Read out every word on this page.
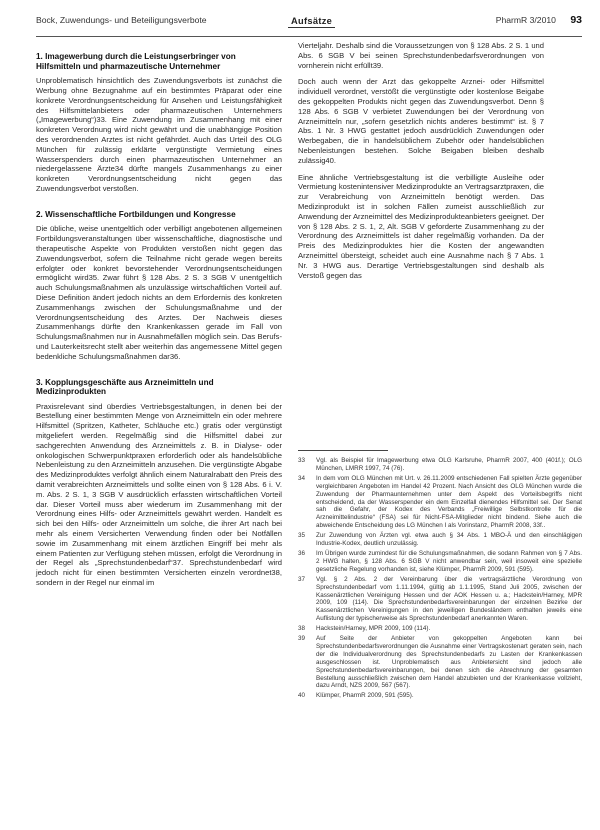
Bock, Zuwendungs- und Beteiligungsverbote	Aufsätze	PharmR 3/2010 93
1. Imagewerbung durch die Leistungserbringer von Hilfsmitteln und pharmazeutische Unternehmer

Unproblematisch hinsichtlich des Zuwendungsverbots ist zunächst die Werbung ohne Bezugnahme auf ein bestimmtes Präparat oder eine konkrete Verordnungsentscheidung für Ansehen und Leistungsfähigkeit des Hilfsmittelanbieters oder pharmazeutischen Unternehmers („Imagewerbung“)33. Eine Zuwendung im Zusammenhang mit einer konkreten Verordnung wird nicht gewährt und die unabhängige Position des verordnenden Arztes ist nicht gefährdet. Auch das Urteil des OLG München für zulässig erklärte vergünstigte Vermietung eines Wasserspenders durch einen pharmazeutischen Unternehmer an niedergelassene Ärzte34 dürfte mangels Zusammenhangs zu einer konkreten Verordnungsentscheidung nicht gegen das Zuwendungsverbot verstoßen.

2. Wissenschaftliche Fortbildungen und Kongresse

Die übliche, weise unentgeltlich oder verbilligt angebotenen allgemeinen Fortbildungsveranstaltungen über wissenschaftliche, diagnostische und therapeutische Aspekte von Produkten verstoßen nicht gegen das Zuwendungsverbot, sofern die Teilnahme nicht gerade wegen bereits erfolgter oder konkret bevorstehender Verordnungsentscheidungen ermöglicht wird35. Zwar führt § 128 Abs. 2 S. 3 SGB V unentgeltlich auch Schulungsmaßnahmen als unzulässige wirtschaftlichen Vorteil auf. Diese Definition ändert jedoch nichts an dem Erfordernis des konkreten Zusammenhangs zwischen der Schulungsmaßnahme und der Verordnungsentscheidung des Arztes. Der Nachweis dieses Zusammenhangs dürfte den Krankenkassen gerade im Fall von Schulungsmaßnahmen nur in Ausnahmefällen möglich sein. Das Berufs- und Lauterkeitsrecht stellt aber weiterhin das angemessene Mittel gegen bedenkliche Schulungsmaßnahmen dar36.

3. Kopplungsgeschäfte aus Arzneimitteln und Medizinprodukten

Praxisrelevant sind überdies Vertriebsgestaltungen, in denen bei der Bestellung einer bestimmten Menge von Arzneimitteln ein oder mehrere Hilfsmittel (Spritzen, Katheter, Schläuche etc.) gratis oder vergünstigt mitgeliefert werden. Regelmäßig sind die Hilfsmittel dabei zur sachgerechten Anwendung des Arzneimittels z. B. in Dialyse- oder onkologischen Schwerpunktpraxen erforderlich oder als handelsübliche Nebenleistung zu den Arzneimitteln anzusehen. Die vergünstigte Abgabe des Medizinproduktes verfolgt ähnlich einem Naturalrabatt den Preis des damit verabreichten Arzneimittels und sollte einen von § 128 Abs. 6 i. V. m. Abs. 2 S. 1, 3 SGB V ausdrücklich erfassten wirtschaftlichen Vorteil dar. Dieser Vorteil muss aber wiederum im Zusammenhang mit der Verordnung eines Hilfs- oder Arzneimittels gewährt werden. Handelt es sich bei den Hilfs- oder Arzneimitteln um solche, die ihrer Art nach bei mehr als einem Versicherten Verwendung finden oder bei Notfällen sowie im Zusammenhang mit einem ärztlichen Eingriff bei mehr als einem Patienten zur Verfügung stehen müssen, erfolgt die Verordnung in der Regel als „Sprechstundenbedarf“37. Sprechstundenbedarf wird jedoch nicht für einen bestimmten Versicherten einzeln verordnet38, sondern in der Regel nur einmal im

Vierteljahr. Deshalb sind die Voraussetzungen von § 128 Abs. 2 S. 1 und Abs. 6 SGB V bei seinen Sprechstundenbedarfsverordnungen von vornherein nicht erfüllt39.

Doch auch wenn der Arzt das gekoppelte Arznei- oder Hilfsmittel individuell verordnet, verstößt die vergünstigte oder kostenlose Beigabe des gekoppelten Produkts nicht gegen das Zuwendungsverbot. Denn § 128 Abs. 6 SGB V verbietet Zuwendungen bei der Verordnung von Arzneimitteln nur, „sofern gesetzlich nichts anderes bestimmt“ ist. § 7 Abs. 1 Nr. 3 HWG gestattet jedoch ausdrücklich Zuwendungen oder Werbegaben, die in handelsüblichem Zubehör oder handelsüblichen Nebenleistungen bestehen. Solche Beigaben bleiben deshalb zulässig40.

Eine ähnliche Vertriebsgestaltung ist die verbilligte Ausleihe oder Vermietung kostenintensiver Medizinprodukte an Vertragsarztpraxen, die zur Verabreichung von Arzneimitteln benötigt werden. Das Medizinprodukt ist in solchen Fällen zumeist ausschließlich zur Anwendung der Arzneimittel des Medizinprodukteanbieters geeignet. Der von § 128 Abs. 2 S. 1, 2, Alt. SGB V geforderte Zusammenhang zu der Verordnung des Arzneimittels ist daher regelmäßig vorhanden. Da der Preis des Medizinproduktes hier die Kosten der angewandten Arzneimittel übersteigt, scheidet auch eine Ausnahme nach § 7 Abs. 1 Nr. 3 HWG aus. Derartige Vertriebsgestaltungen sind deshalb als Verstoß gegen das

33	Vgl. als Beispiel für Imagewerbung etwa OLG Karlsruhe, PharmR 2007, 400 (401f.); OLG München, LMRR 1997, 74 (76).
34	In dem vom OLG München mit Urt. v. 26.11.2009 entschiedenen Fall spielten Ärzte gegenüber vergleichbaren Angeboten im Handel 42 Prozent. Nach Ansicht des OLG München wurde die Zuwendung der Pharmaunternehmen unter dem Aspekt des Vorteilsbegriffs nicht entscheidend, da der Wasserspender ein dem Einzelfall dienendes Hilfsmittel sei. Der Senat sah die Gefahr, der Kodex des Verbands „Freiwillige Selbstkontrolle für die Arzneimittelindustrie“ (FSA) sei für Nicht-FSA-Mitglieder nicht bindend. Siehe auch die abweichende Entscheidung des LG München I als Vorinstanz, PharmR 2008, 33f..
35	Zur Zuwendung von Ärzten vgl. etwa auch § 34 Abs. 1 MBO-Ä und den einschlägigen Industrie-Kodex, deutlich unzulässig.
36	Im Übrigen wurde zumindest für die Schulungsmaßnahmen, die sodann Rahmen von § 7 Abs. 2 HWG halten, § 128 Abs. 6 SGB V nicht anwendbar sein, weil insoweit eine spezielle gesetzliche Regelung vorhanden ist, siehe Klümper, PharmR 2009, 591 (595).
37	Vgl. § 2 Abs. 2 der Vereinbarung über die vertragsärztliche Verordnung von Sprechstundenbedarf vom 1.11.1994, gültig ab 1.1.1995, Stand Juli 2005, zwischen der Kassenärztlichen Vereinigung Hessen und der AOK Hessen u. a.; Hackstein/Harney, MPR 2009, 109 (114). Die Sprechstundenbedarfsvereinbarungen der einzelnen Bezirke der Kassenärztlichen Vereinigungen in den jeweiligen Bundesländern enthalten jeweils eine Auflistung der typischerweise als Sprechstundenbedarf anerkannten Waren.
38	Hackstein/Harney, MPR 2009, 109 (114).
39	Auf Seite der Anbieter von gekoppelten Angeboten kann bei Sprechstundenbedarfsverordnungen die Ausnahme einer Vertragskostenart geraten sein, nach der die Individualverordnung des Sprechstundenbedarfs zu Lasten der Krankenkassen ausgeschlossen ist. Unproblematisch aus Anbietersicht sind jedoch alle Sprechstundenbedarfsvereinbarungen, bei denen sich die Abrechnung der gesamten Bestellung ausschließlich zwischen dem Handel abzubieten und der Krankenkasse vollzieht, dazu Arndt, NZS 2009, 567 (567).
40	Klümper, PharmR 2009, 591 (595).
